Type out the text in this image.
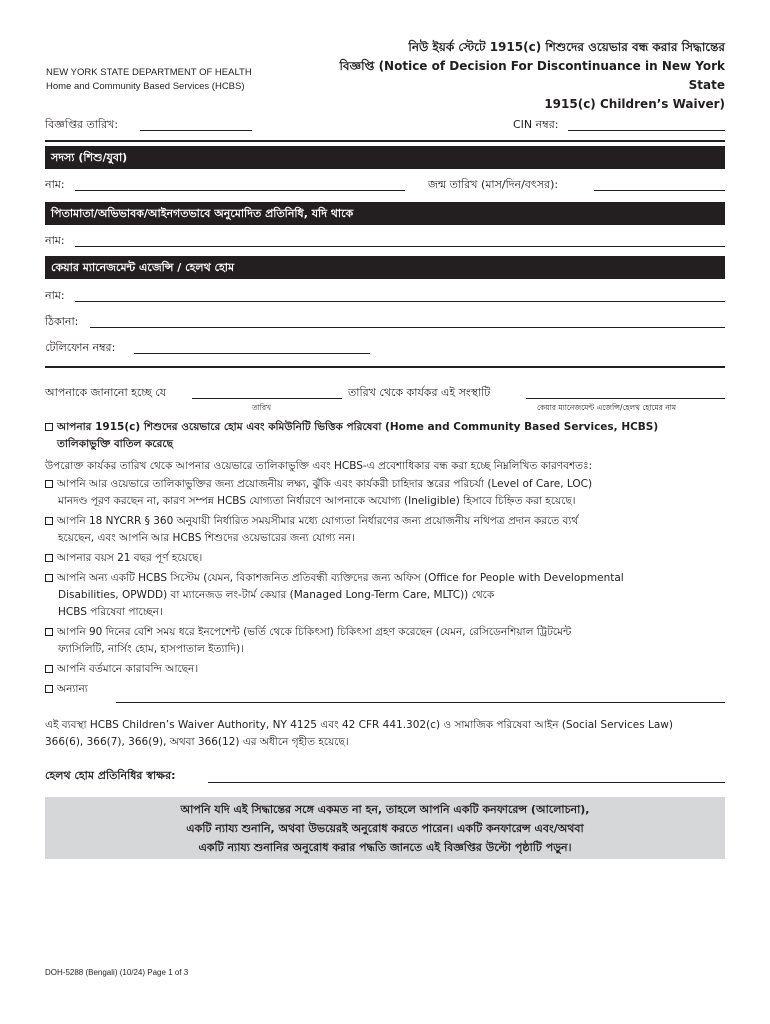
NEW YORK STATE DEPARTMENT OF HEALTH
Home and Community Based Services (HCBS)
নিউ ইয়র্ক স্টেটে 1915(c) শিশুদের ওয়েভার বন্ধ করার সিদ্ধান্তের
বিজ্ঞপ্তি (Notice of Decision For Discontinuance in New York State
1915(c) Children’s Waiver)
বিজ্ঞপ্তির তারিখ:	CIN নম্বর:
সদস্য (শিশু/যুবা)
নাম:	জন্ম তারিখ (মাস/দিন/বৎসর):
পিতামাতা/অভিভাবক/আইনগতভাবে অনুমোদিত প্রতিনিধি, যদি থাকে
নাম:
কেয়ার ম্যানেজমেন্ট এজেন্সি / হেলথ হোম
নাম:
ঠিকানা:
টেলিফোন নম্বর:
আপনাকে জানানো হচ্ছে যে	তারিখ থেকে কার্যকর এই সংস্থাটি
তারিখ	কেয়ার ম্যানেজমেন্ট এজেন্সি/হেলথ হোমের নাম
আপনার 1915(c) শিশুদের ওয়েভারে হোম এবং কমিউনিটি ভিত্তিক পরিষেবা (Home and Community Based Services, HCBS)
তালিকাভুক্তি বাতিল করেছে
উপরোক্ত কার্যকর তারিখ থেকে আপনার ওয়েভারে তালিকাভুক্তি এবং HCBS-এ প্রবেশাধিকার বন্ধ করা হচ্ছে নিম্নলিখিত কারণবশতঃ:
আপনি আর ওয়েভারে তালিকাভুক্তির জন্য প্রয়োজনীয় লক্ষ্য, ঝুঁকি এবং কার্যকরী চাহিদার স্তরের পরিচর্যা (Level of Care, LOC)
মানদণ্ড পূরণ করছেন না, কারণ সম্পন্ন HCBS যোগ্যতা নির্ধারণে আপনাকে অযোগ্য (Ineligible) হিসাবে চিহ্নিত করা হয়েছে।
আপনি 18 NYCRR § 360 অনুযায়ী নির্ধারিত সময়সীমার মধ্যে যোগ্যতা নির্ধারণের জন্য প্রয়োজনীয় নথিপত্র প্রদান করতে ব্যর্থ
হয়েছেন, এবং আপনি আর HCBS শিশুদের ওয়েভারের জন্য যোগ্য নন।
আপনার বয়স 21 বছর পূর্ণ হয়েছে।
আপনি অন্য একটি HCBS সিস্টেম (যেমন, বিকাশজনিত প্রতিবন্ধী ব্যক্তিদের জন্য অফিস (Office for People with Developmental
Disabilities, OPWDD) বা ম্যানেজড লং-টার্ম কেয়ার (Managed Long-Term Care, MLTC)) থেকে
HCBS পরিষেবা পাচ্ছেন।
আপনি 90 দিনের বেশি সময় ধরে ইনপেশেন্ট (ভর্তি থেকে চিকিৎসা) চিকিৎসা গ্রহণ করেছেন (যেমন, রেসিডেনশিয়াল ট্রিটমেন্ট
ফ্যাসিলিটি, নার্সিং হোম, হাসপাতাল ইত্যাদি)।
আপনি বর্তমানে কারাবন্দি আছেন।
অন্যান্য
এই ব্যবস্থা HCBS Children’s Waiver Authority, NY 4125 এবং 42 CFR 441.302(c) ও সামাজিক পরিষেবা আইন (Social Services Law)
366(6), 366(7), 366(9), অথবা 366(12) এর অধীনে গৃহীত হয়েছে।
হেলথ হোম প্রতিনিধির স্বাক্ষর:
আপনি যদি এই সিদ্ধান্তের সঙ্গে একমত না হন, তাহলে আপনি একটি কনফারেন্স (আলোচনা),
একটি ন্যায্য শুনানি, অথবা উভয়েরই অনুরোধ করতে পারেন। একটি কনফারেন্স এবং/অথবা
একটি ন্যায্য শুনানির অনুরোধ করার পদ্ধতি জানতে এই বিজ্ঞপ্তির উল্টো পৃষ্ঠাটি পড়ুন।
DOH-5288 (Bengali) (10/24) Page 1 of 3
